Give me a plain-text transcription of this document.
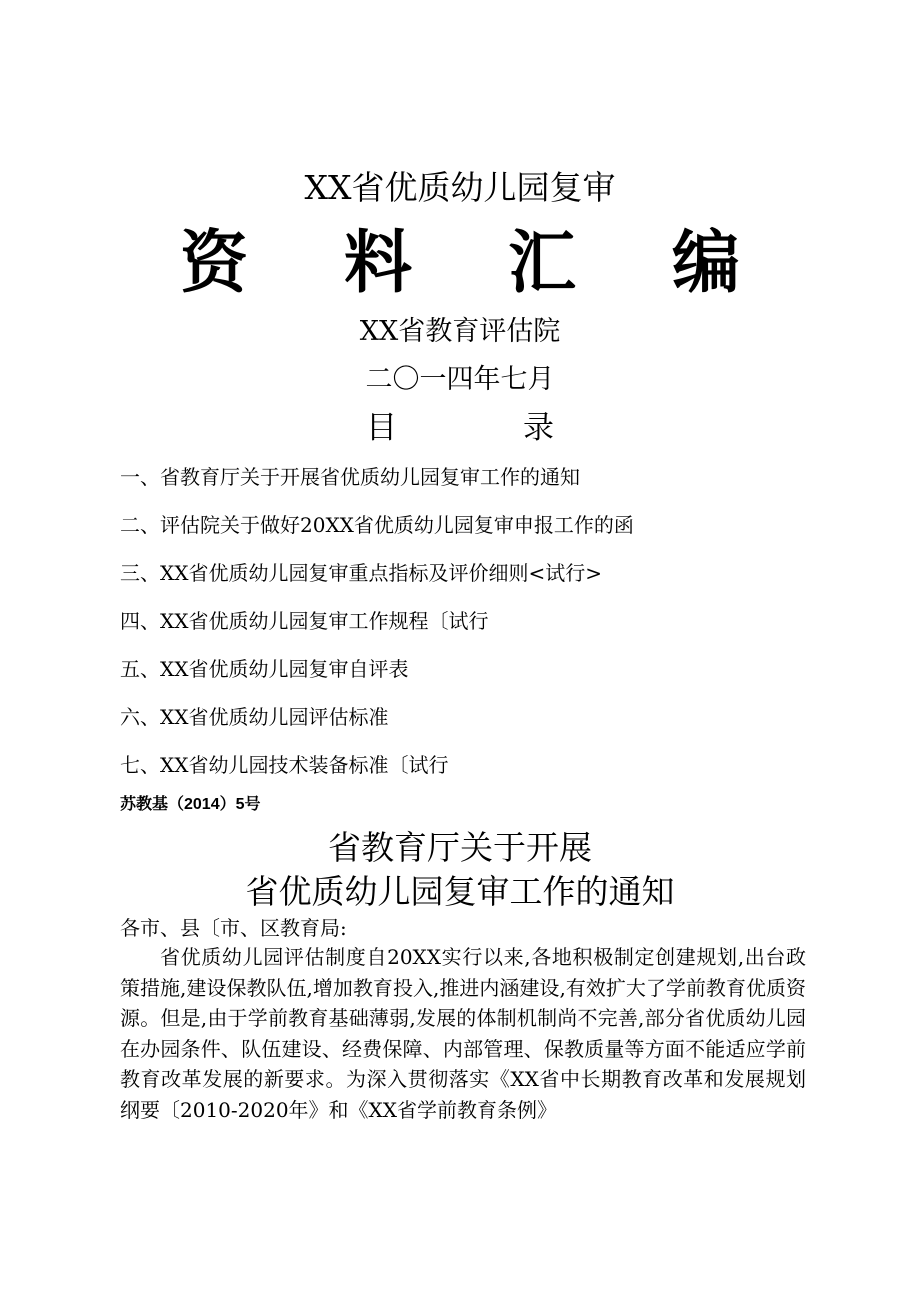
XX省优质幼儿园复审
资料汇编
XX省教育评估院
二〇一四年七月
目录
一、省教育厅关于开展省优质幼儿园复审工作的通知
二、评估院关于做好20XX省优质幼儿园复审申报工作的函
三、XX省优质幼儿园复审重点指标及评价细则<试行>
四、XX省优质幼儿园复审工作规程〔试行
五、XX省优质幼儿园复审自评表
六、XX省优质幼儿园评估标准
七、XX省幼儿园技术装备标准〔试行
苏教基（2014）5号
省教育厅关于开展
省优质幼儿园复审工作的通知
各市、县〔市、区教育局:

省优质幼儿园评估制度自20XX实行以来,各地积极制定创建规划,出台政策措施,建设保教队伍,增加教育投入,推进内涵建设,有效扩大了学前教育优质资源。但是,由于学前教育基础薄弱,发展的体制机制尚不完善,部分省优质幼儿园在办园条件、队伍建设、经费保障、内部管理、保教质量等方面不能适应学前教育改革发展的新要求。为深入贯彻落实《XX省中长期教育改革和发展规划纲要〔2010-2020年》和《XX省学前教育条例》
